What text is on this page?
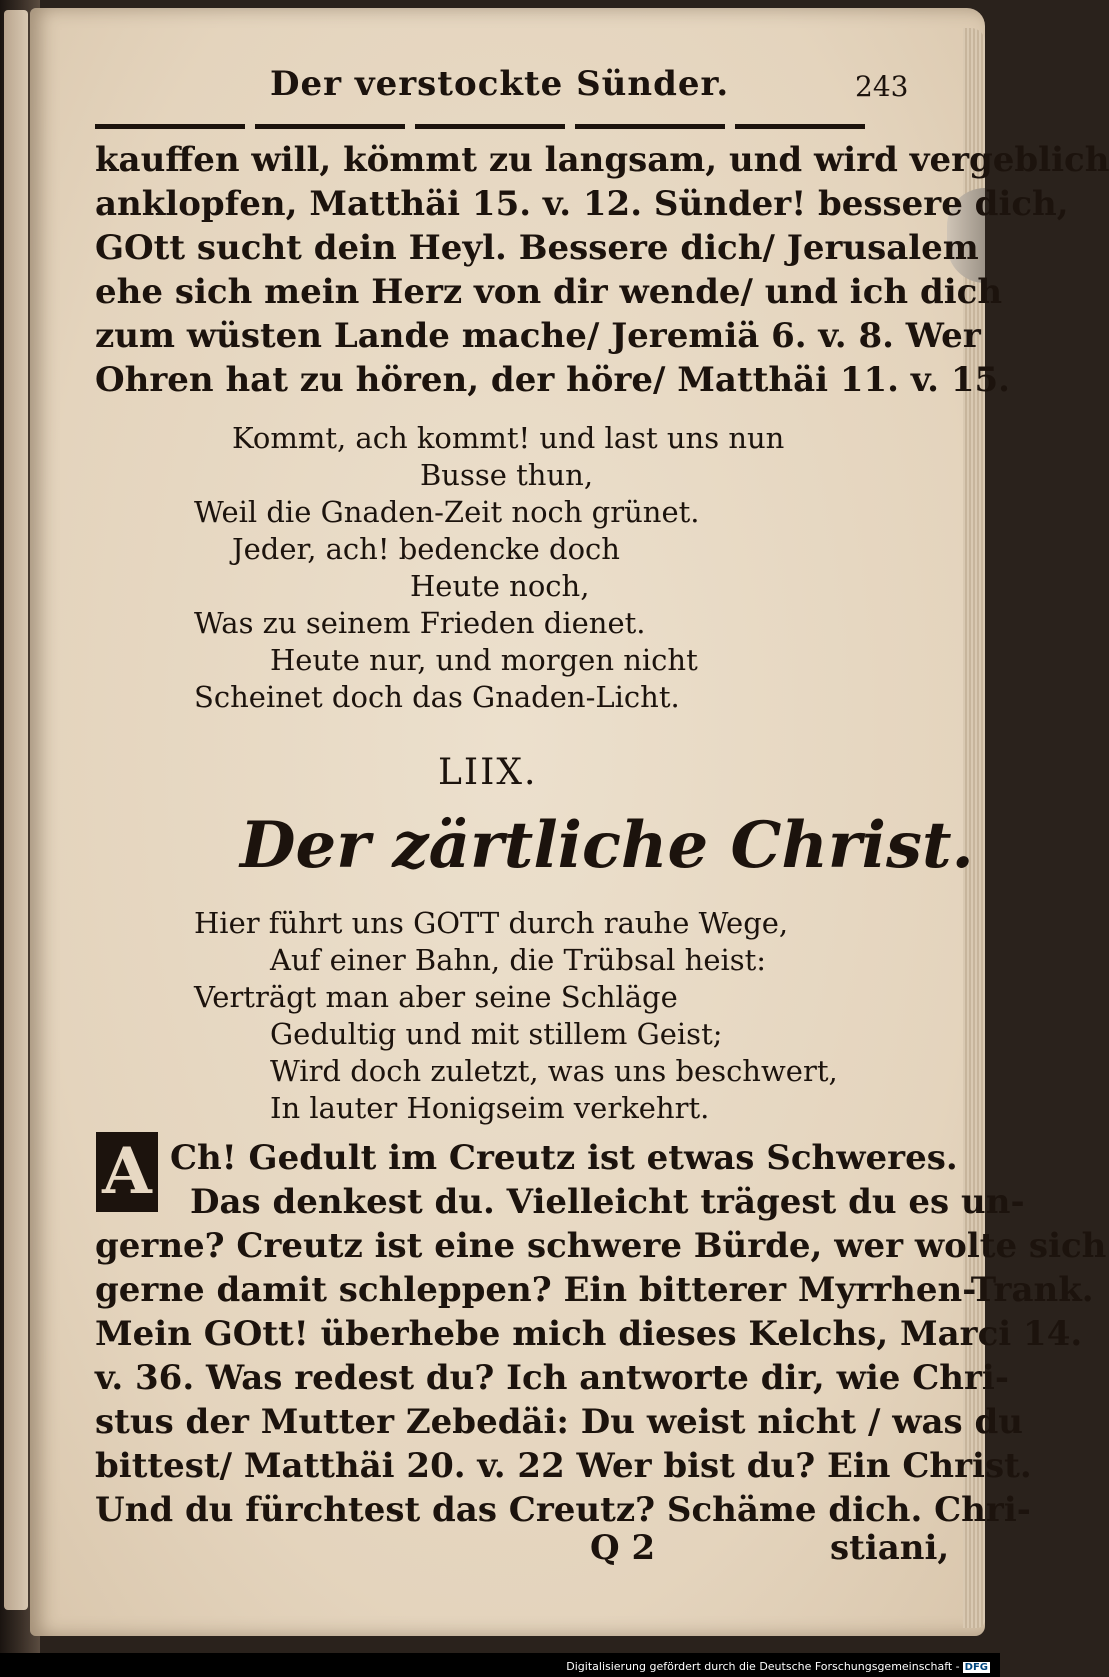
Der verstockte Sünder.	243
kauffen will, kömmt zu langsam, und wird vergeblich
anklopfen, Matthäi 15. v. 12. Sünder! bessere dich,
GOtt sucht dein Heyl. Bessere dich/ Jerusalem
ehe sich mein Herz von dir wende/ und ich dich
zum wüsten Lande mache/ Jeremiä 6. v. 8. Wer
Ohren hat zu hören, der höre/ Matthäi 11. v. 15.
Kommt, ach kommt! und last uns nun
Busse thun,
Weil die Gnaden-Zeit noch grünet.
Jeder, ach! bedencke doch
Heute noch,
Was zu seinem Frieden dienet.
Heute nur, und morgen nicht
Scheinet doch das Gnaden-Licht.
LIIX.
Der zärtliche Christ.
Hier führt uns GOTT durch rauhe Wege,
Auf einer Bahn, die Trübsal heist:
Verträgt man aber seine Schläge
Gedultig und mit stillem Geist;
Wird doch zuletzt, was uns beschwert,
In lauter Honigseim verkehrt.
A Ch! Gedult im Creutz ist etwas Schweres.
Das denkest du. Vielleicht trägest du es un-
gerne? Creutz ist eine schwere Bürde, wer wolte sich
gerne damit schleppen? Ein bitterer Myrrhen-Trank.
Mein GOtt! überhebe mich dieses Kelchs, Marci 14.
v. 36. Was redest du? Ich antworte dir, wie Chri-
stus der Mutter Zebedäi: Du weist nicht / was du
bittest/ Matthäi 20. v. 22 Wer bist du? Ein Christ.
Und du fürchtest das Creutz? Schäme dich. Chri-
Q 2	stiani,
Digitalisierung gefördert durch die Deutsche Forschungsgemeinschaft - DFG
